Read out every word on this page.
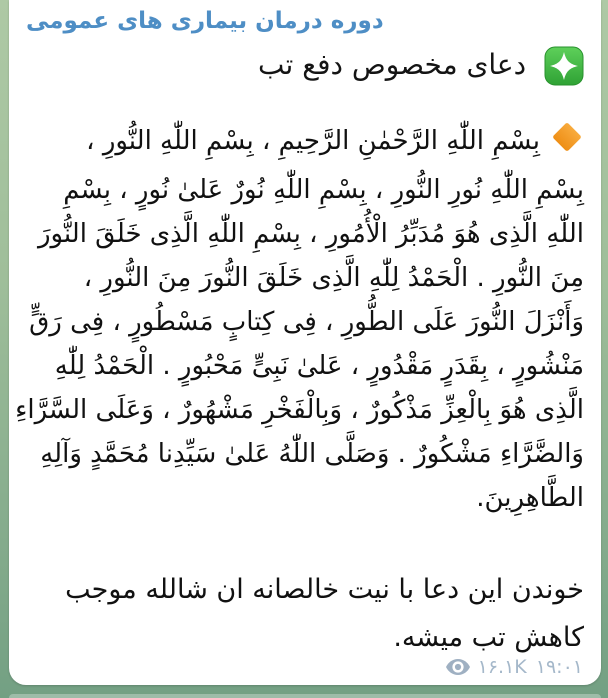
دوره درمان بیماری های عمومی
دعای مخصوص دفع تب
بِسْمِ اللّٰهِ الرَّحْمٰنِ الرَّحِيمِ ، بِسْمِ اللّٰهِ النُّورِ ،
بِسْمِ اللّٰهِ نُورِ النُّورِ ، بِسْمِ اللّٰهِ نُورٌ عَلىٰ نُورٍ ، بِسْمِ
اللّٰهِ الَّذِى هُوَ مُدَبِّرُ الْأُمُورِ ، بِسْمِ اللّٰهِ الَّذِى خَلَقَ النُّورَ
مِنَ النُّورِ . الْحَمْدُ لِلّٰهِ الَّذِى خَلَقَ النُّورَ مِنَ النُّورِ ،
وَأَنْزَلَ النُّورَ عَلَى الطُّورِ ، فِى كِتابٍ مَسْطُورٍ ، فِى رَقٍّ
مَنْشُورٍ ، بِقَدَرٍ مَقْدُورٍ ، عَلىٰ نَبِىٍّ مَحْبُورٍ . الْحَمْدُ لِلّٰهِ
الَّذِى هُوَ بِالْعِزِّ مَذْكُورٌ ، وَبِالْفَخْرِ مَشْهُورٌ ، وَعَلَى السَّرَّاءِ
وَالضَّرَّاءِ مَشْكُورٌ . وَصَلَّى اللّٰهُ عَلىٰ سَيِّدِنا مُحَمَّدٍ وَآلِهِ
الطَّاهِرِينَ.
خوندن این دعا با نیت خالصانه ان شالله موجب
کاهش تب میشه.
۱۶.۱K ۱۹:۰۱
